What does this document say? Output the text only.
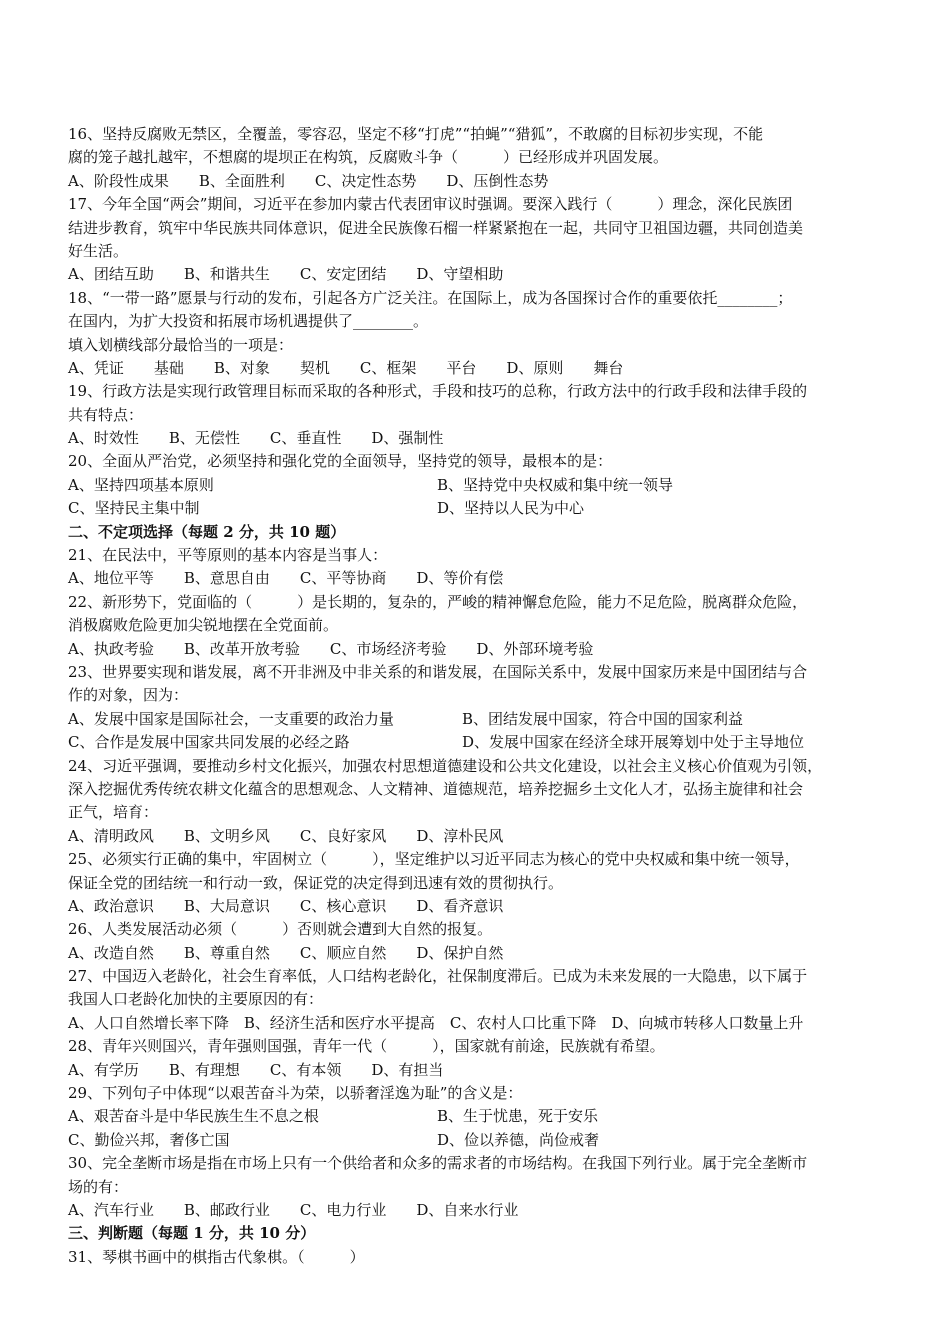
16、坚持反腐败无禁区，全覆盖，零容忍，坚定不移“打虎”“拍蝇”“猎狐”，不敢腐的目标初步实现，不能
腐的笼子越扎越牢，不想腐的堤坝正在构筑，反腐败斗争（　　　）已经形成并巩固发展。
A、阶段性成果　　B、全面胜利　　C、决定性态势　　D、压倒性态势
17、今年全国“两会”期间，习近平在参加内蒙古代表团审议时强调。要深入践行（　　　）理念，深化民族团
结进步教育，筑牢中华民族共同体意识，促进全民族像石榴一样紧紧抱在一起，共同守卫祖国边疆，共同创造美
好生活。
A、团结互助　　B、和谐共生　　C、安定团结　　D、守望相助
18、“一带一路”愿景与行动的发布，引起各方广泛关注。在国际上，成为各国探讨合作的重要依托________；
在国内，为扩大投资和拓展市场机遇提供了________。
填入划横线部分最恰当的一项是：
A、凭证　　基础　　B、对象　　契机　　C、框架　　平台　　D、原则　　舞台
19、行政方法是实现行政管理目标而采取的各种形式，手段和技巧的总称，行政方法中的行政手段和法律手段的
共有特点：
A、时效性　　B、无偿性　　C、垂直性　　D、强制性
20、全面从严治党，必须坚持和强化党的全面领导，坚持党的领导，最根本的是：
A、坚持四项基本原则	B、坚持党中央权威和集中统一领导
C、坚持民主集中制	D、坚持以人民为中心
二、不定项选择（每题 2 分，共 10 题）
21、在民法中，平等原则的基本内容是当事人：
A、地位平等　　B、意思自由　　C、平等协商　　D、等价有偿
22、新形势下，党面临的（　　　）是长期的，复杂的，严峻的精神懈怠危险，能力不足危险，脱离群众危险，
消极腐败危险更加尖锐地摆在全党面前。
A、执政考验　　B、改革开放考验　　C、市场经济考验　　D、外部环境考验
23、世界要实现和谐发展，离不开非洲及中非关系的和谐发展，在国际关系中，发展中国家历来是中国团结与合
作的对象，因为：
A、发展中国家是国际社会，一支重要的政治力量	B、团结发展中国家，符合中国的国家利益
C、合作是发展中国家共同发展的必经之路	D、发展中国家在经济全球开展筹划中处于主导地位
24、习近平强调，要推动乡村文化振兴，加强农村思想道德建设和公共文化建设，以社会主义核心价值观为引领，
深入挖掘优秀传统农耕文化蕴含的思想观念、人文精神、道德规范，培养挖掘乡土文化人才，弘扬主旋律和社会
正气，培育：
A、清明政风　　B、文明乡风　　C、良好家风　　D、淳朴民风
25、必须实行正确的集中，牢固树立（　　　），坚定维护以习近平同志为核心的党中央权威和集中统一领导，
保证全党的团结统一和行动一致，保证党的决定得到迅速有效的贯彻执行。
A、政治意识　　B、大局意识　　C、核心意识　　D、看齐意识
26、人类发展活动必须（　　　）否则就会遭到大自然的报复。
A、改造自然　　B、尊重自然　　C、顺应自然　　D、保护自然
27、中国迈入老龄化，社会生育率低，人口结构老龄化，社保制度滞后。已成为未来发展的一大隐患，以下属于
我国人口老龄化加快的主要原因的有：
A、人口自然增长率下降　B、经济生活和医疗水平提高　C、农村人口比重下降　D、向城市转移人口数量上升
28、青年兴则国兴，青年强则国强，青年一代（　　　），国家就有前途，民族就有希望。
A、有学历　　B、有理想　　C、有本领　　D、有担当
29、下列句子中体现“以艰苦奋斗为荣，以骄奢淫逸为耻”的含义是：
A、艰苦奋斗是中华民族生生不息之根	B、生于忧患，死于安乐
C、勤俭兴邦，奢侈亡国	D、俭以养德，尚俭戒奢
30、完全垄断市场是指在市场上只有一个供给者和众多的需求者的市场结构。在我国下列行业。属于完全垄断市
场的有：
A、汽车行业　　B、邮政行业　　C、电力行业　　D、自来水行业
三、判断题（每题 1 分，共 10 分）
31、琴棋书画中的棋指古代象棋。（　　　）
